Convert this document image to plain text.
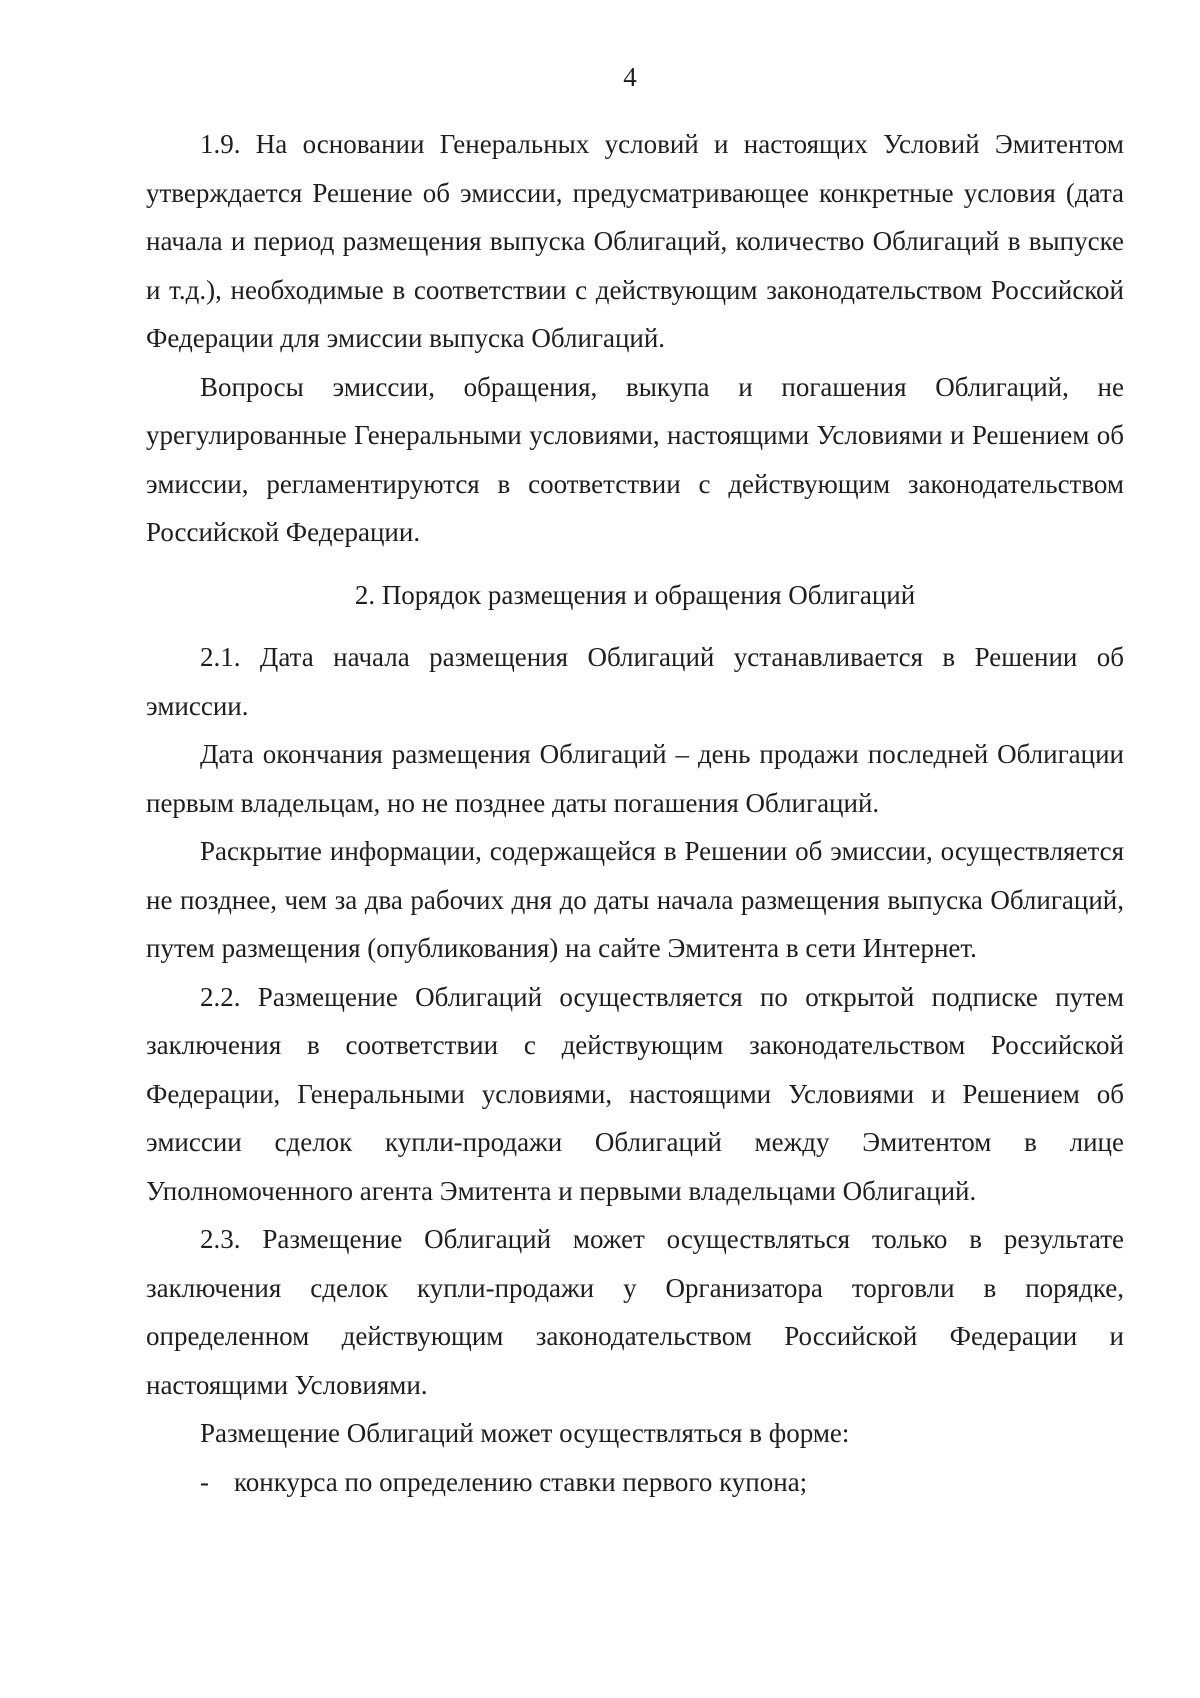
4

1.9. На основании Генеральных условий и настоящих Условий Эмитентом утверждается Решение об эмиссии, предусматривающее конкретные условия (дата начала и период размещения выпуска Облигаций, количество Облигаций в выпуске и т.д.), необходимые в соответствии с действующим законодательством Российской Федерации для эмиссии выпуска Облигаций.

Вопросы эмиссии, обращения, выкупа и погашения Облигаций, не урегулированные Генеральными условиями, настоящими Условиями и Решением об эмиссии, регламентируются в соответствии с действующим законодательством Российской Федерации.

2. Порядок размещения и обращения Облигаций

2.1. Дата начала размещения Облигаций устанавливается в Решении об эмиссии.

Дата окончания размещения Облигаций – день продажи последней Облигации первым владельцам, но не позднее даты погашения Облигаций.

Раскрытие информации, содержащейся в Решении об эмиссии, осуществляется не позднее, чем за два рабочих дня до даты начала размещения выпуска Облигаций, путем размещения (опубликования) на сайте Эмитента в сети Интернет.

2.2. Размещение Облигаций осуществляется по открытой подписке путем заключения в соответствии с действующим законодательством Российской Федерации, Генеральными условиями, настоящими Условиями и Решением об эмиссии сделок купли-продажи Облигаций между Эмитентом в лице Уполномоченного агента Эмитента и первыми владельцами Облигаций.

2.3. Размещение Облигаций может осуществляться только в результате заключения сделок купли-продажи у Организатора торговли в порядке, определенном действующим законодательством Российской Федерации и настоящими Условиями.

Размещение Облигаций может осуществляться в форме:

- конкурса по определению ставки первого купона;
